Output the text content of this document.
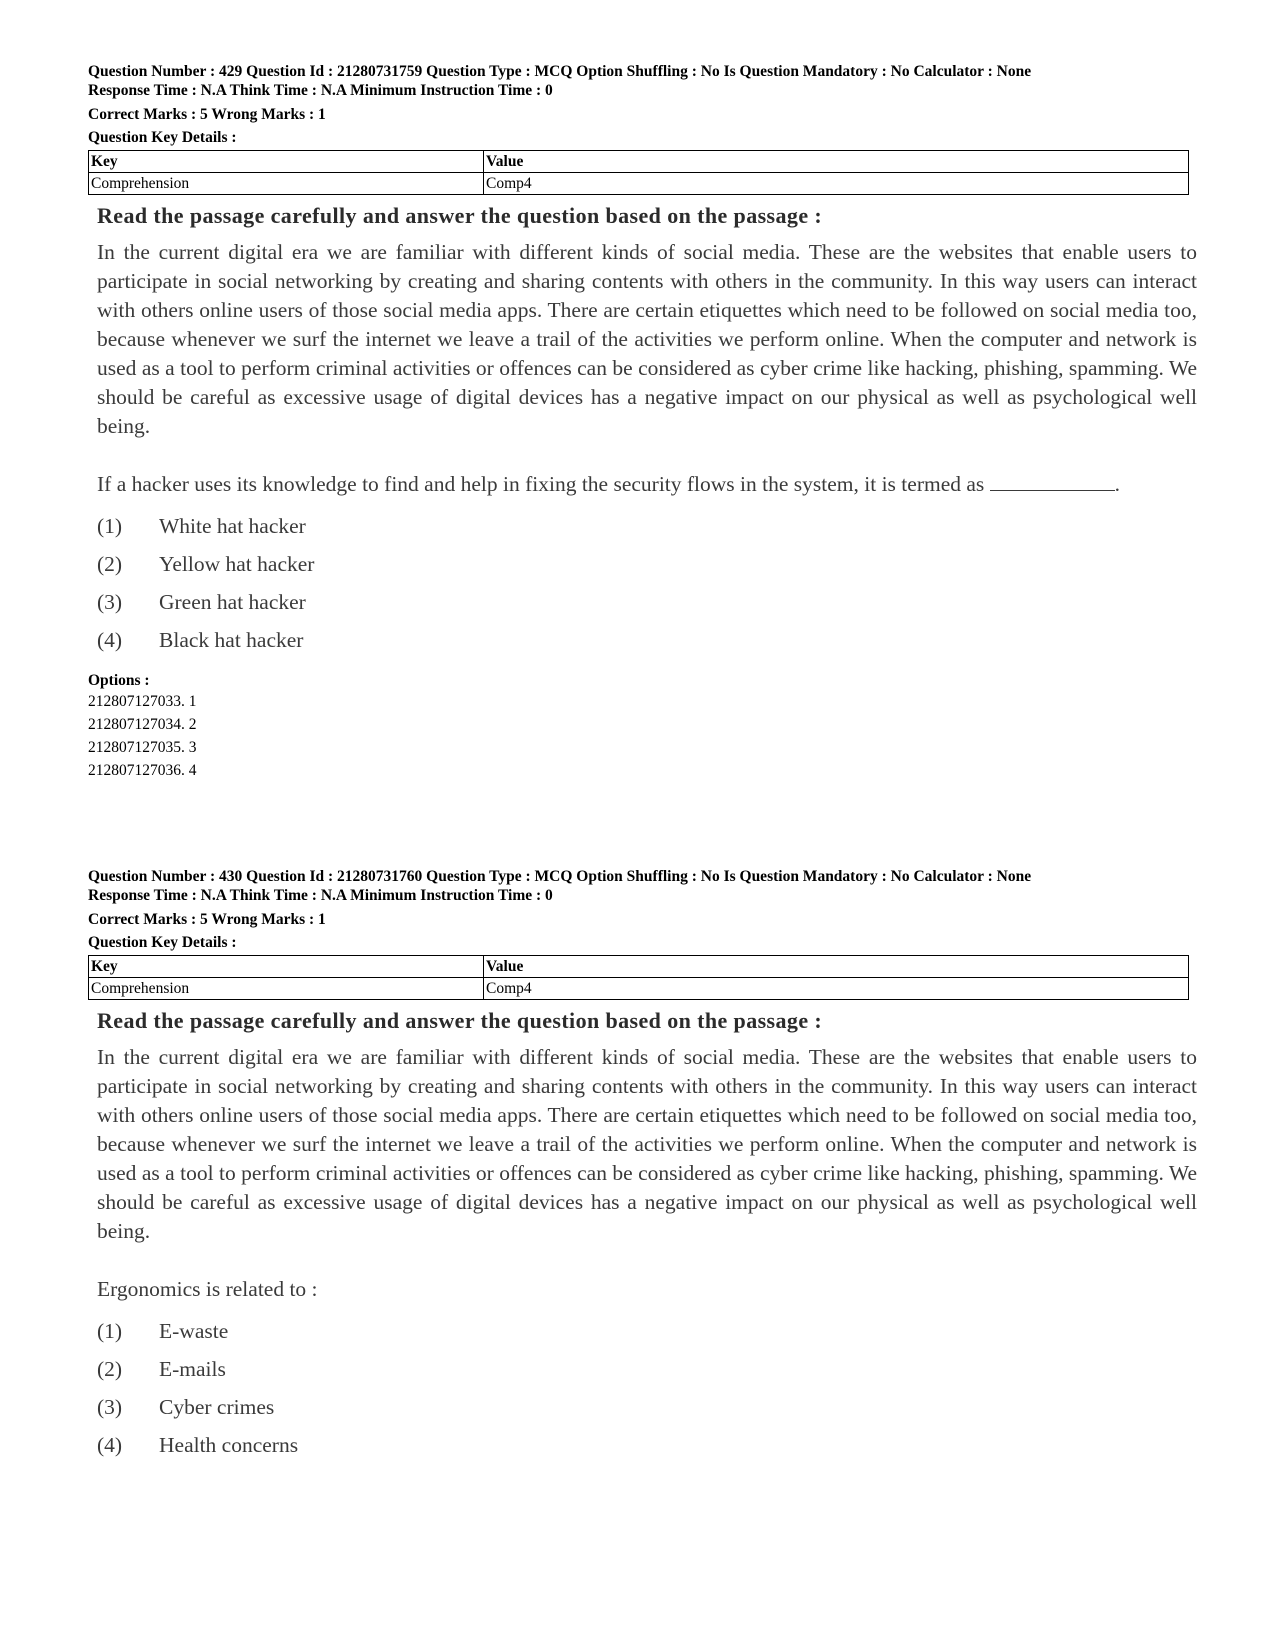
Question Number : 429 Question Id : 21280731759 Question Type : MCQ Option Shuffling : No Is Question Mandatory : No Calculator : None

Response Time : N.A Think Time : N.A Minimum Instruction Time : 0

Correct Marks : 5 Wrong Marks : 1

Question Key Details :

Key	Value
Comprehension	Comp4
Read the passage carefully and answer the question based on the passage :
In the current digital era we are familiar with different kinds of social media. These are the websites that enable users to participate in social networking by creating and sharing contents with others in the community. In this way users can interact with others online users of those social media apps. There are certain etiquettes which need to be followed on social media too, because whenever we surf the internet we leave a trail of the activities we perform online. When the computer and network is used as a tool to perform criminal activities or offences can be considered as cyber crime like hacking, phishing, spamming. We should be careful as excessive usage of digital devices has a negative impact on our physical as well as psychological well being.
If a hacker uses its knowledge to find and help in fixing the security flows in the system, it is termed as	.
(1) White hat hacker
(2) Yellow hat hacker
(3) Green hat hacker
(4) Black hat hacker
Options :
212807127033. 1
212807127034. 2
212807127035. 3
212807127036. 4

Question Number : 430 Question Id : 21280731760 Question Type : MCQ Option Shuffling : No Is Question Mandatory : No Calculator : None

Response Time : N.A Think Time : N.A Minimum Instruction Time : 0

Correct Marks : 5 Wrong Marks : 1

Question Key Details :

Key	Value
Comprehension	Comp4
Read the passage carefully and answer the question based on the passage :
In the current digital era we are familiar with different kinds of social media. These are the websites that enable users to participate in social networking by creating and sharing contents with others in the community. In this way users can interact with others online users of those social media apps. There are certain etiquettes which need to be followed on social media too, because whenever we surf the internet we leave a trail of the activities we perform online. When the computer and network is used as a tool to perform criminal activities or offences can be considered as cyber crime like hacking, phishing, spamming. We should be careful as excessive usage of digital devices has a negative impact on our physical as well as psychological well being.
Ergonomics is related to :
(1) E-waste
(2) E-mails
(3) Cyber crimes
(4) Health concerns
